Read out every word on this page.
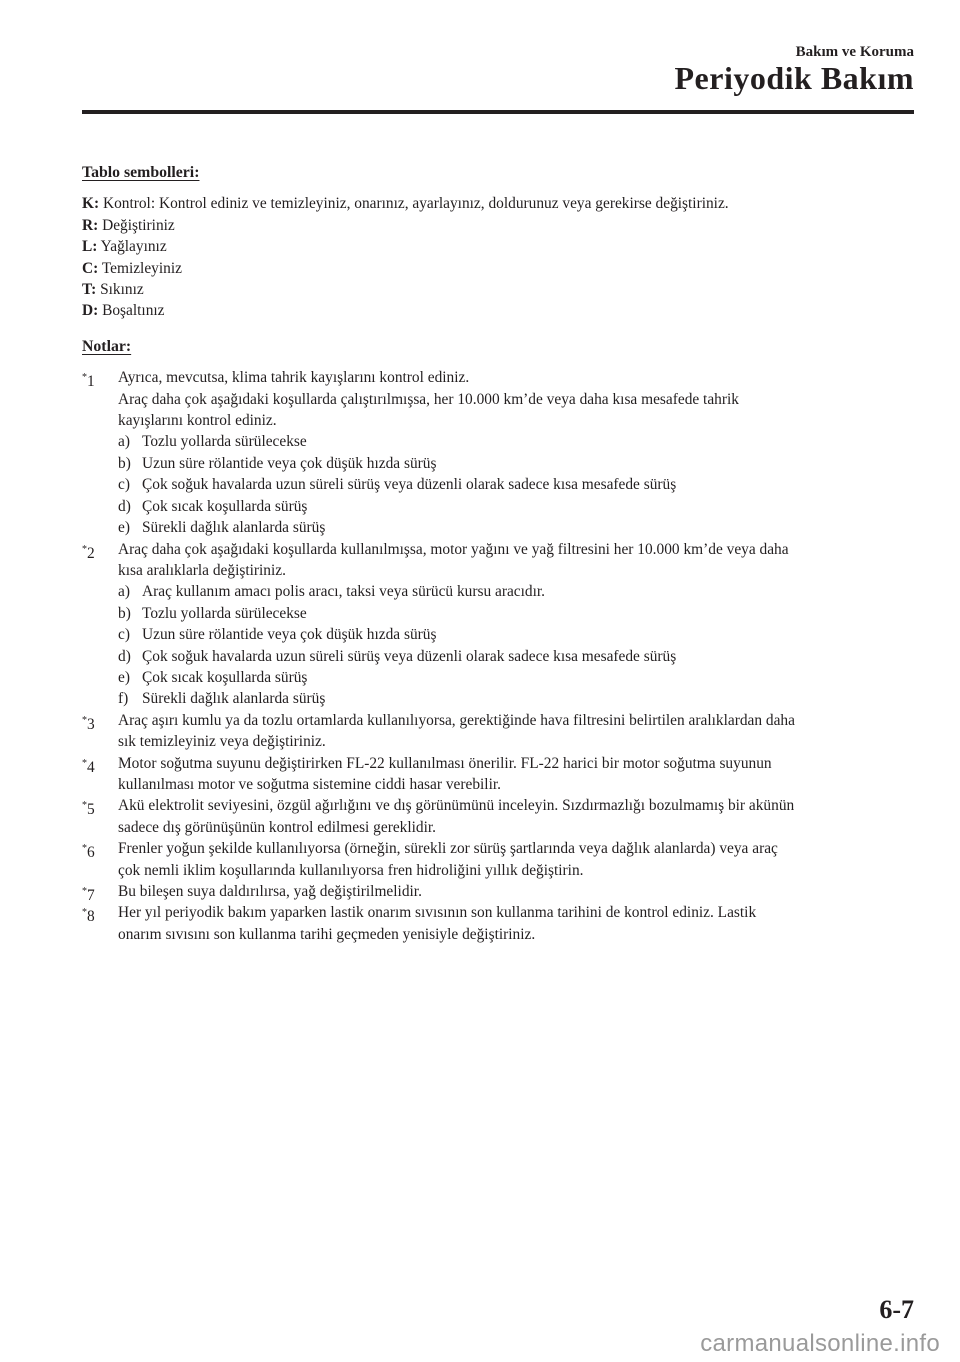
Bakım ve Koruma
Periyodik Bakım
Tablo sembolleri:
K: Kontrol: Kontrol ediniz ve temizleyiniz, onarınız, ayarlayınız, doldurunuz veya gerekirse değiştiriniz.
R: Değiştiriniz
L: Yağlayınız
C: Temizleyiniz
T: Sıkınız
D: Boşaltınız
Notlar:
*1	Ayrıca, mevcutsa, klima tahrik kayışlarını kontrol ediniz.
Araç daha çok aşağıdaki koşullarda çalıştırılmışsa, her 10.000 km’de veya daha kısa mesafede tahrik
kayışlarını kontrol ediniz.
a) Tozlu yollarda sürülecekse
b) Uzun süre rölantide veya çok düşük hızda sürüş
c) Çok soğuk havalarda uzun süreli sürüş veya düzenli olarak sadece kısa mesafede sürüş
d) Çok sıcak koşullarda sürüş
e) Sürekli dağlık alanlarda sürüş
*2	Araç daha çok aşağıdaki koşullarda kullanılmışsa, motor yağını ve yağ filtresini her 10.000 km’de veya daha
kısa aralıklarla değiştiriniz.
a) Araç kullanım amacı polis aracı, taksi veya sürücü kursu aracıdır.
b) Tozlu yollarda sürülecekse
c) Uzun süre rölantide veya çok düşük hızda sürüş
d) Çok soğuk havalarda uzun süreli sürüş veya düzenli olarak sadece kısa mesafede sürüş
e) Çok sıcak koşullarda sürüş
f) Sürekli dağlık alanlarda sürüş
*3	Araç aşırı kumlu ya da tozlu ortamlarda kullanılıyorsa, gerektiğinde hava filtresini belirtilen aralıklardan daha
sık temizleyiniz veya değiştiriniz.
*4	Motor soğutma suyunu değiştirirken FL-22 kullanılması önerilir. FL-22 harici bir motor soğutma suyunun
kullanılması motor ve soğutma sistemine ciddi hasar verebilir.
*5	Akü elektrolit seviyesini, özgül ağırlığını ve dış görünümünü inceleyin. Sızdırmazlığı bozulmamış bir akünün
sadece dış görünüşünün kontrol edilmesi gereklidir.
*6	Frenler yoğun şekilde kullanılıyorsa (örneğin, sürekli zor sürüş şartlarında veya dağlık alanlarda) veya araç
çok nemli iklim koşullarında kullanılıyorsa fren hidroliğini yıllık değiştirin.
*7	Bu bileşen suya daldırılırsa, yağ değiştirilmelidir.
*8	Her yıl periyodik bakım yaparken lastik onarım sıvısının son kullanma tarihini de kontrol ediniz. Lastik
onarım sıvısını son kullanma tarihi geçmeden yenisiyle değiştiriniz.
6-7
carmanualsonline.info
